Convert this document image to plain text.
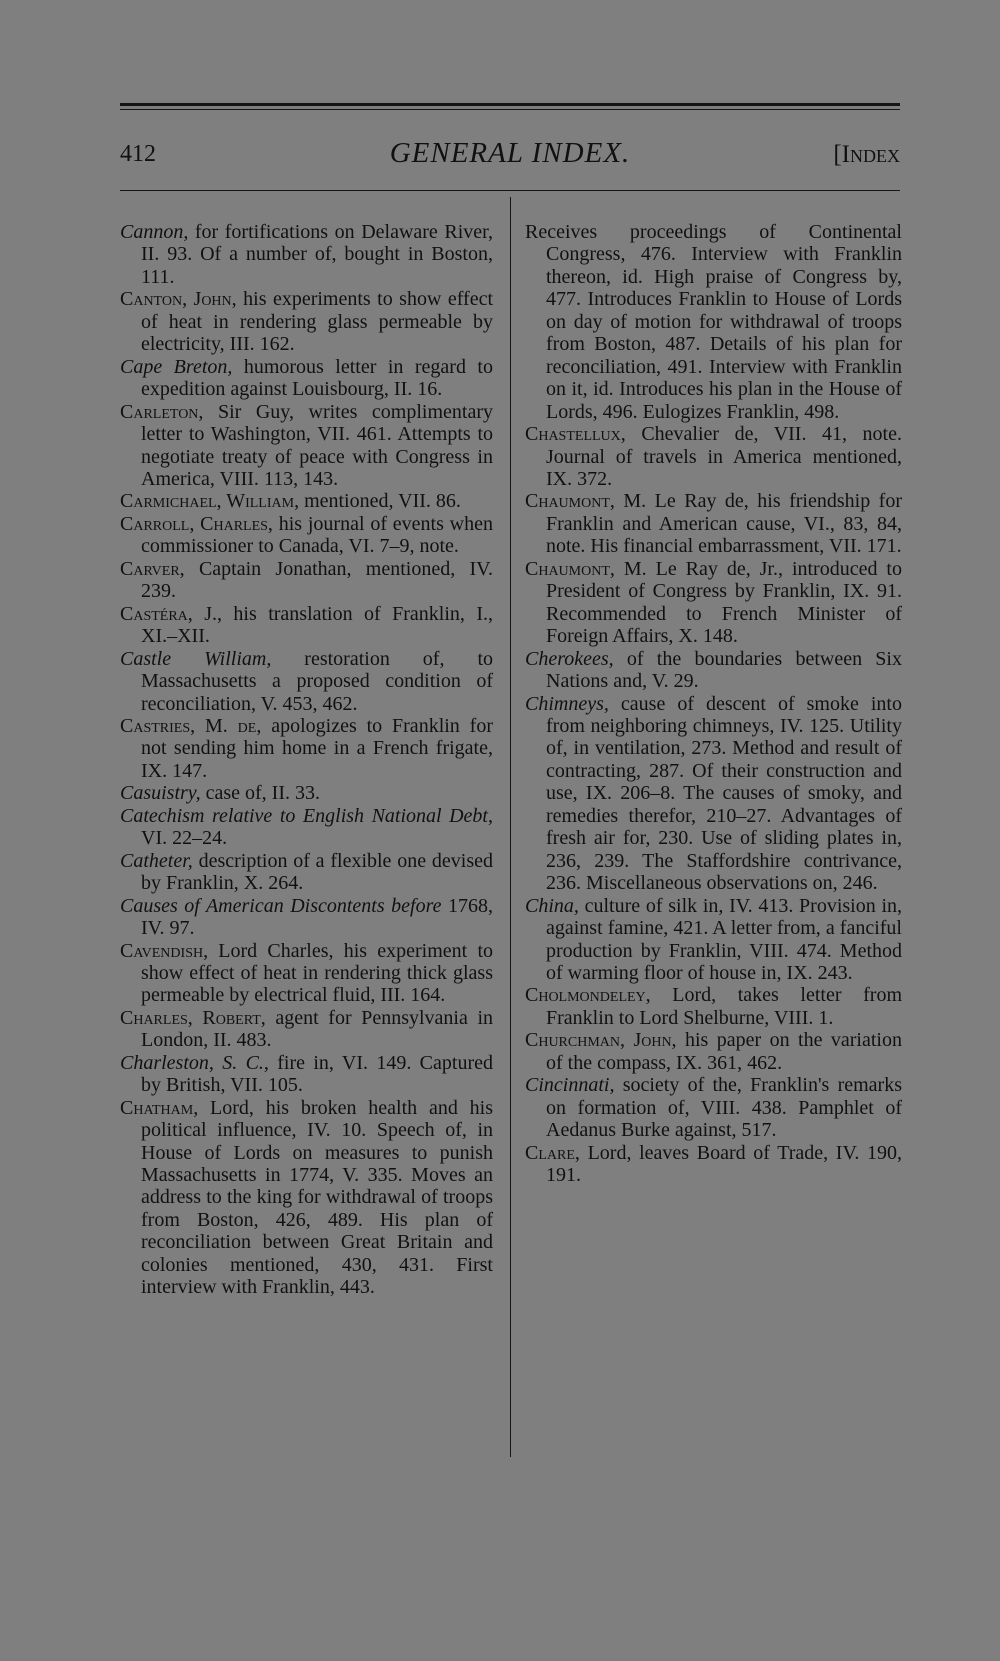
412	GENERAL INDEX.	[Index

Cannon, for fortifications on Delaware River, II. 93. Of a number of, bought in Boston, 111.

Canton, John, his experiments to show effect of heat in rendering glass permeable by electricity, III. 162.

Cape Breton, humorous letter in regard to expedition against Louisbourg, II. 16.

Carleton, Sir Guy, writes complimentary letter to Washington, VII. 461. Attempts to negotiate treaty of peace with Congress in America, VIII. 113, 143.

Carmichael, William, mentioned, VII. 86.

Carroll, Charles, his journal of events when commissioner to Canada, VI. 7–9, note.

Carver, Captain Jonathan, mentioned, IV. 239.

Castéra, J., his translation of Franklin, I., XI.–XII.

Castle William, restoration of, to Massachusetts a proposed condition of reconciliation, V. 453, 462.

Castries, M. de, apologizes to Franklin for not sending him home in a French frigate, IX. 147.

Casuistry, case of, II. 33.

Catechism relative to English National Debt, VI. 22–24.

Catheter, description of a flexible one devised by Franklin, X. 264.

Causes of American Discontents before 1768, IV. 97.

Cavendish, Lord Charles, his experiment to show effect of heat in rendering thick glass permeable by electrical fluid, III. 164.

Charles, Robert, agent for Pennsylvania in London, II. 483.

Charleston, S. C., fire in, VI. 149. Captured by British, VII. 105.

Chatham, Lord, his broken health and his political influence, IV. 10. Speech of, in House of Lords on measures to punish Massachusetts in 1774, V. 335. Moves an address to the king for withdrawal of troops from Boston, 426, 489. His plan of reconciliation between Great Britain and colonies mentioned, 430, 431. First interview with Franklin, 443.

Receives proceedings of Continental Congress, 476. Interview with Franklin thereon, id. High praise of Congress by, 477. Introduces Franklin to House of Lords on day of motion for withdrawal of troops from Boston, 487. Details of his plan for reconciliation, 491. Interview with Franklin on it, id. Introduces his plan in the House of Lords, 496. Eulogizes Franklin, 498.

Chastellux, Chevalier de, VII. 41, note. Journal of travels in America mentioned, IX. 372.

Chaumont, M. Le Ray de, his friendship for Franklin and American cause, VI., 83, 84, note. His financial embarrassment, VII. 171.

Chaumont, M. Le Ray de, Jr., introduced to President of Congress by Franklin, IX. 91. Recommended to French Minister of Foreign Affairs, X. 148.

Cherokees, of the boundaries between Six Nations and, V. 29.

Chimneys, cause of descent of smoke into from neighboring chimneys, IV. 125. Utility of, in ventilation, 273. Method and result of contracting, 287. Of their construction and use, IX. 206–8. The causes of smoky, and remedies therefor, 210–27. Advantages of fresh air for, 230. Use of sliding plates in, 236, 239. The Staffordshire contrivance, 236. Miscellaneous observations on, 246.

China, culture of silk in, IV. 413. Provision in, against famine, 421. A letter from, a fanciful production by Franklin, VIII. 474. Method of warming floor of house in, IX. 243.

Cholmondeley, Lord, takes letter from Franklin to Lord Shelburne, VIII. 1.

Churchman, John, his paper on the variation of the compass, IX. 361, 462.

Cincinnati, society of the, Franklin's remarks on formation of, VIII. 438. Pamphlet of Aedanus Burke against, 517.

Clare, Lord, leaves Board of Trade, IV. 190, 191.
